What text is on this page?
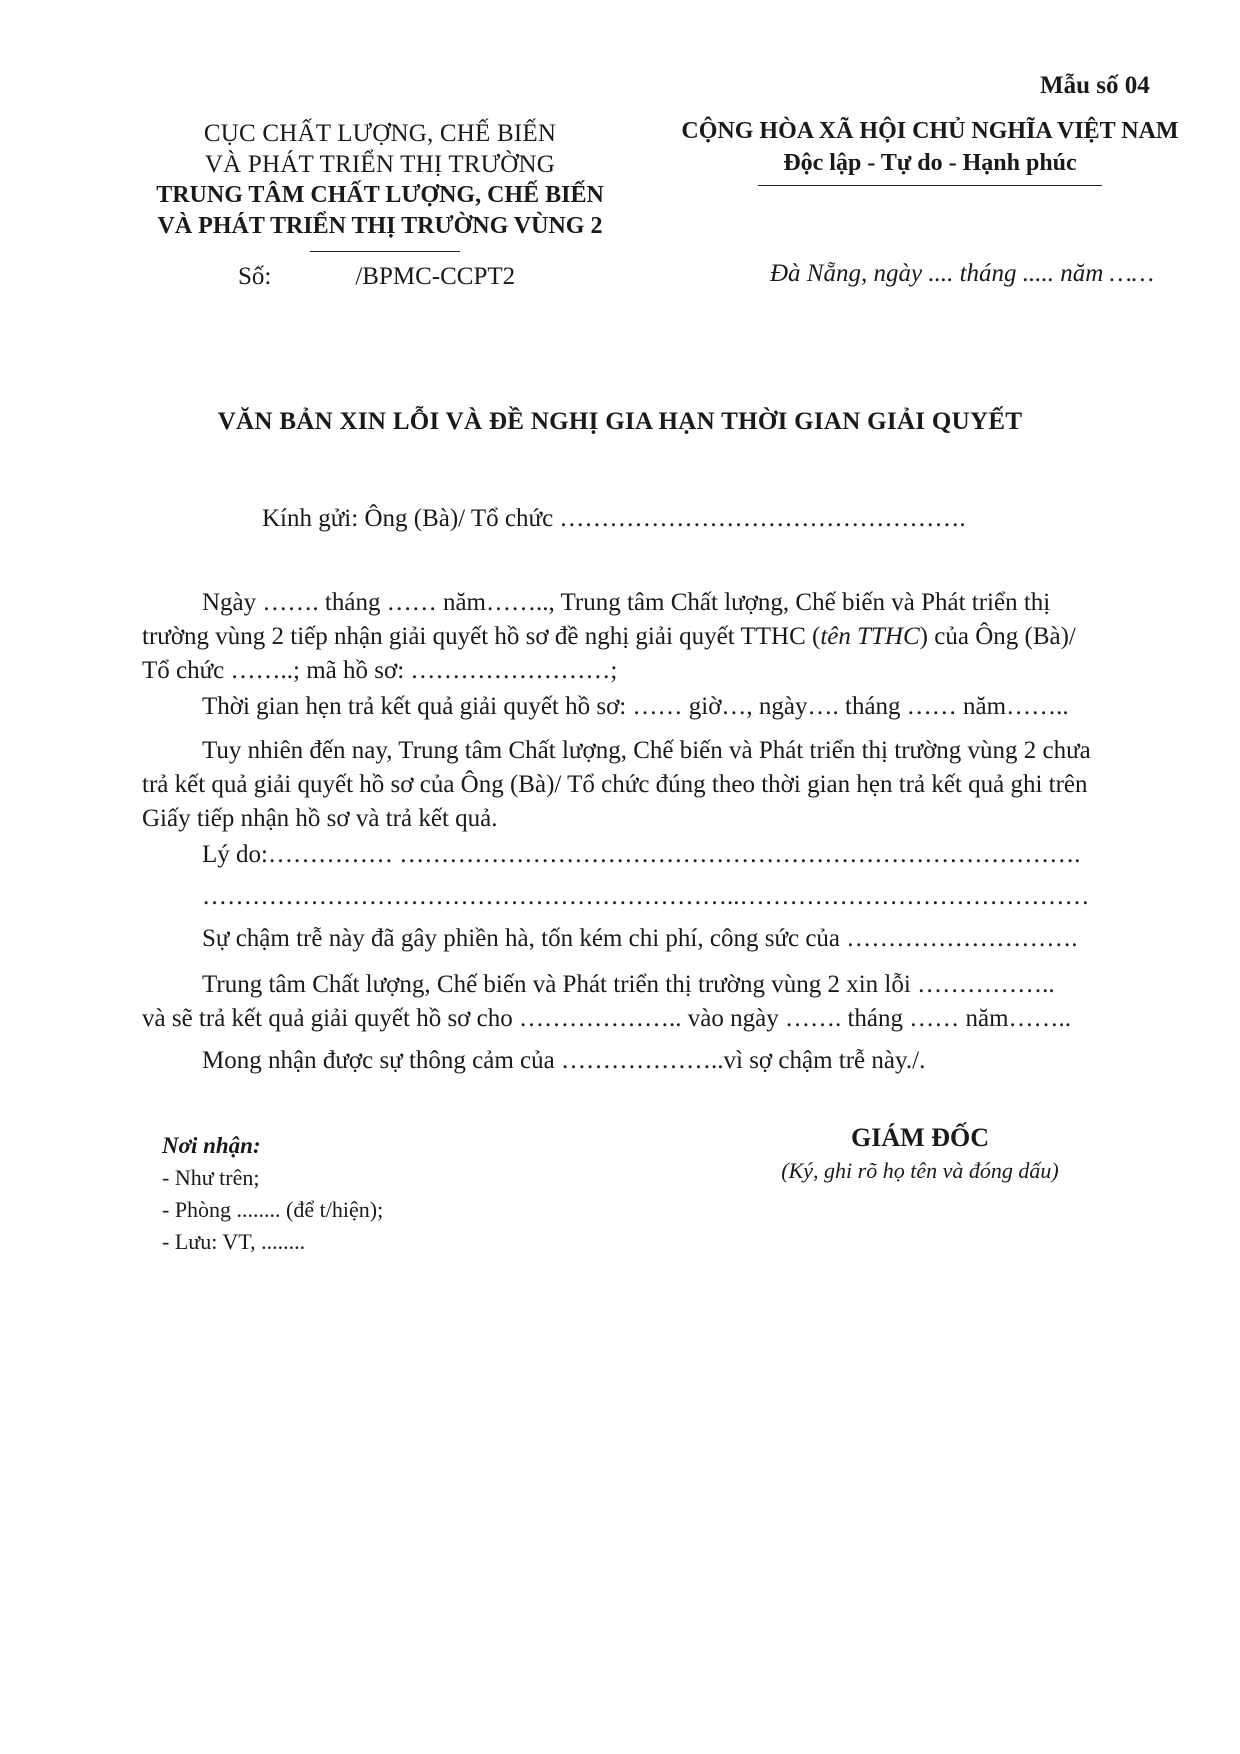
Mẫu số 04
CỤC CHẤT LƯỢNG, CHẾ BIẾN
VÀ PHÁT TRIỂN THỊ TRƯỜNG
TRUNG TÂM CHẤT LƯỢNG, CHẾ BIẾN
VÀ PHÁT TRIỂN THỊ TRƯỜNG VÙNG 2
CỘNG HÒA XÃ HỘI CHỦ NGHĨA VIỆT NAM
Độc lập - Tự do - Hạnh phúc
Số:	/BPMC-CCPT2	Đà Nẵng, ngày .... tháng ..... năm ……
VĂN BẢN XIN LỖI VÀ ĐỀ NGHỊ GIA HẠN THỜI GIAN GIẢI QUYẾT
Kính gửi: Ông (Bà)/ Tổ chức ………………………………………….
Ngày ……. tháng …… năm…….., Trung tâm Chất lượng, Chế biến và Phát triển thị
trường vùng 2 tiếp nhận giải quyết hồ sơ đề nghị giải quyết TTHC (tên TTHC) của Ông (Bà)/
Tổ chức ……..; mã hồ sơ: ……………………;
Thời gian hẹn trả kết quả giải quyết hồ sơ: …… giờ…, ngày…. tháng …… năm……..
Tuy nhiên đến nay, Trung tâm Chất lượng, Chế biến và Phát triển thị trường vùng 2 chưa
trả kết quả giải quyết hồ sơ của Ông (Bà)/ Tổ chức đúng theo thời gian hẹn trả kết quả ghi trên
Giấy tiếp nhận hồ sơ và trả kết quả.
Lý do:…………… ……………………………………………………………………….
………………………………………………………..……………………………………
Sự chậm trễ này đã gây phiền hà, tốn kém chi phí, công sức của ……………………….
Trung tâm Chất lượng, Chế biến và Phát triển thị trường vùng 2 xin lỗi ……………..
và sẽ trả kết quả giải quyết hồ sơ cho ……………….. vào ngày ……. tháng …… năm……..
Mong nhận được sự thông cảm của ………………..vì sợ chậm trễ này./.
Nơi nhận:
- Như trên;
- Phòng ........ (để t/hiện);
- Lưu: VT, ........
GIÁM ĐỐC
(Ký, ghi rõ họ tên và đóng dấu)
